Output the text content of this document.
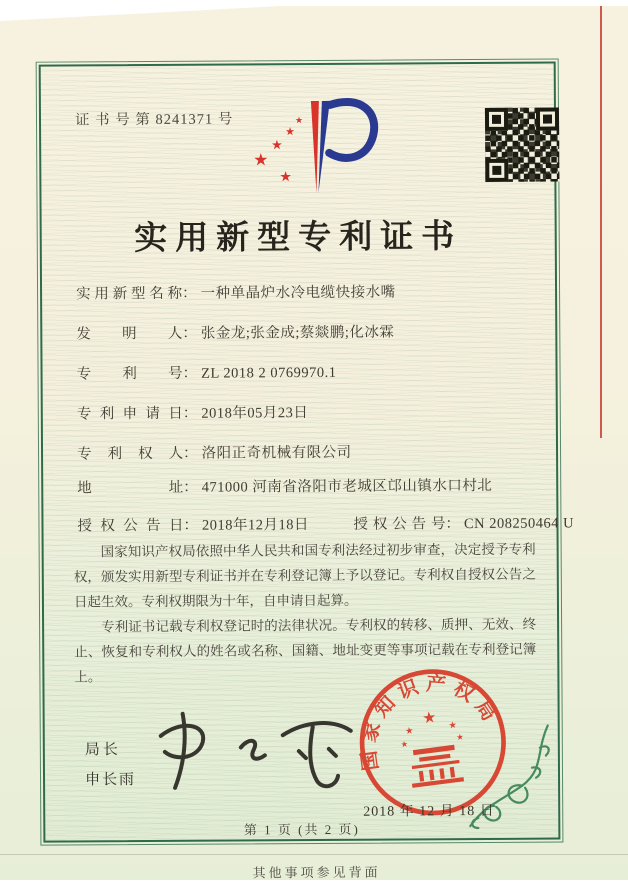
证 书 号 第 8241371 号
★
★
★
★
★
实用新型专利证书
实用新型名称： 一种单晶炉水冷电缆快接水嘴
发明人： 张金龙;张金成;蔡燚鹏;化冰霖
专利号： ZL 2018 2 0769970.1
专利申请日： 2018年05月23日
专利权人： 洛阳正奇机械有限公司
地址： 471000 河南省洛阳市老城区邙山镇水口村北
授权公告日： 2018年12月18日	授权公告号： CN 208250464 U

国家知识产权局依照中华人民共和国专利法经过初步审查，决定授予专利权，颁发实用新型专利证书并在专利登记簿上予以登记。专利权自授权公告之日起生效。专利权期限为十年，自申请日起算。

专利证书记载专利权登记时的法律状况。专利权的转移、质押、无效、终止、恢复和专利权人的姓名或名称、国籍、地址变更等事项记载在专利登记簿上。

局长
申长雨
国家知识产权局
★
★
★
★
★
2018 年 12 月 18 日
第 1 页 (共 2 页)
其他事项参见背面
